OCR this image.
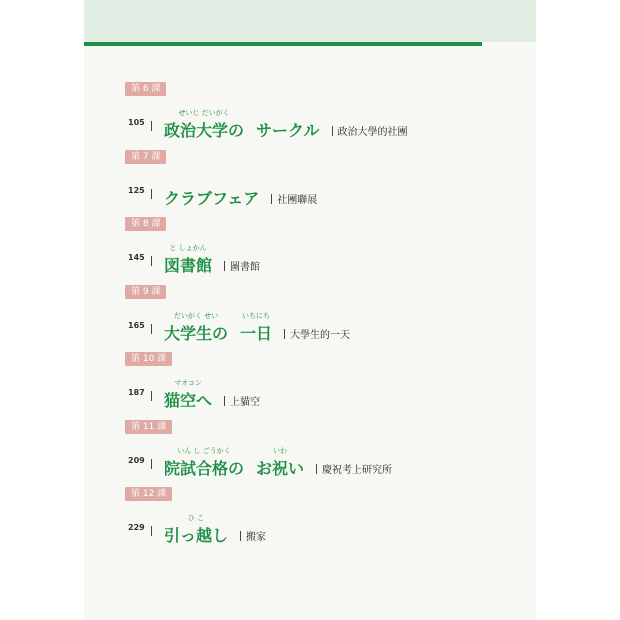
第 6 課
105
せいじ だいがく
政治大学の サークル 政治大學的社團
第 7 課
125 クラブフェア 社團聯展
第 8 課
145
と しょかん
図書館 圖書館
第 9 課
165
だいがく せい
大学生の
いちにち
一日 大學生的一天
第 10 課
187
マオコン
猫空へ 上貓空
第 11 課
209
いん し ごうかく
院試合格の
いわ
お祝い 慶祝考上研究所
第 12 課
229
ひ こ
引っ越し 搬家
